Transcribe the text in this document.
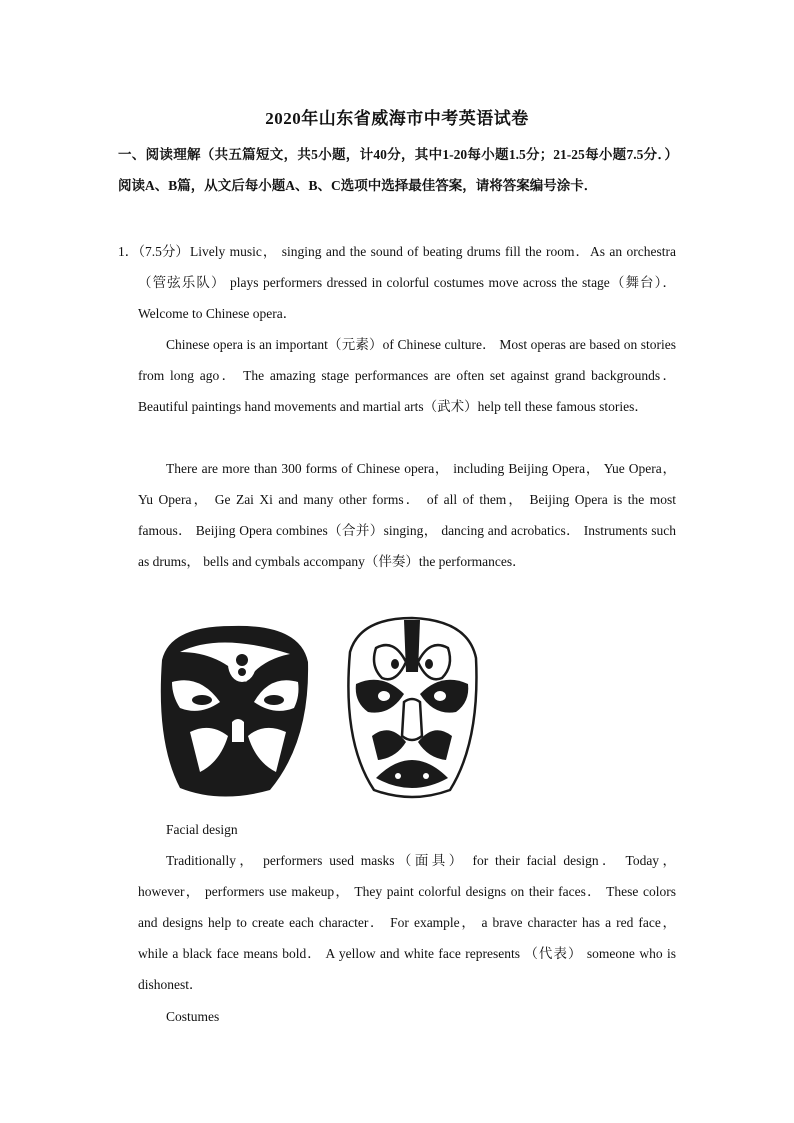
2020年山东省威海市中考英语试卷
一、阅读理解（共五篇短文，共5小题，计40分，其中1-20每小题1.5分；21-25每小题7.5分．）阅读A、B篇，从文后每小题A、B、C选项中选择最佳答案，请将答案编号涂卡．
1．（7.5分） Lively music， singing and the sound of beating drums fill the room．As an orchestra（管弦乐队） plays performers dressed in colorful costumes move across the stage（舞台）． Welcome to Chinese opera．
Chinese opera is an important（元素）of Chinese culture． Most operas are based on stories from long ago． The amazing stage performances are often set against grand backgrounds． Beautiful paintings hand movements and martial arts（武术）help tell these famous stories．
There are more than 300 forms of Chinese opera， including Beijing Opera， Yue Opera， Yu Opera， Ge Zai Xi and many other forms． of all of them， Beijing Opera is the most famous． Beijing Opera combines（合并）singing， dancing and acrobatics． Instruments such as drums， bells and cymbals accompany（伴奏）the performances．
Facial design
Traditionally， performers used masks（面具） for their facial design． Today， however， performers use makeup， They paint colorful designs on their faces． These colors and designs help to create each character． For example， a brave character has a red face， while a black face means bold． A yellow and white face represents （代表） someone who is dishonest．
Costumes
